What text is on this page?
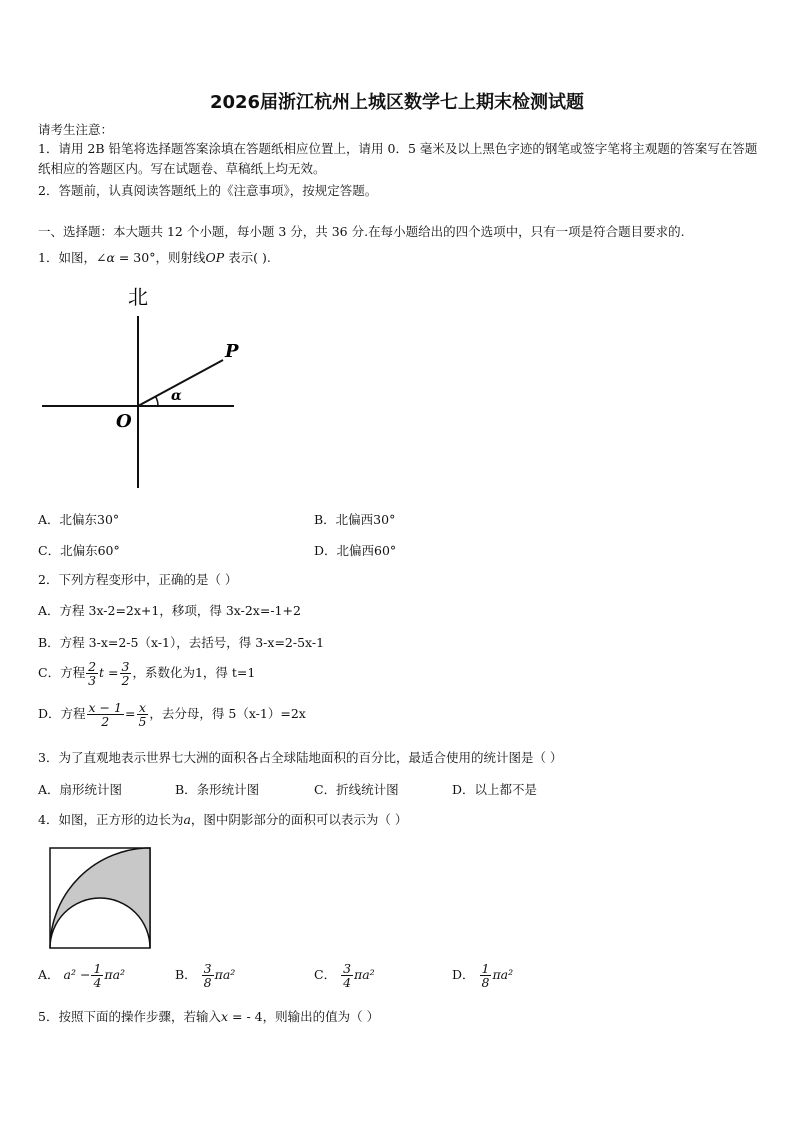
2026届浙江杭州上城区数学七上期末检测试题
请考生注意：
1．请用 2B 铅笔将选择题答案涂填在答题纸相应位置上，请用 0．5 毫米及以上黑色字迹的钢笔或签字笔将主观题的答案写在答题纸相应的答题区内。写在试题卷、草稿纸上均无效。
2．答题前，认真阅读答题纸上的《注意事项》，按规定答题。
一、选择题：本大题共 12 个小题，每小题 3 分，共 36 分.在每小题给出的四个选项中，只有一项是符合题目要求的.
1．如图，∠α = 30°，则射线OP 表示( ).
北
P
O
α
A．北偏东30°	B．北偏西30°
C．北偏东60°	D．北偏西60°
2．下列方程变形中，正确的是（ ）
A．方程 3x-2=2x+1，移项，得 3x-2x=-1+2
B．方程 3-x=2-5（x-1），去括号，得 3-x=2-5x-1
C．方程 $\frac{2}{3}$ $t = \frac{3}{2}$ ，系数化为1，得 t=1
D．方程 $\frac{x - 1}{2} = \frac{x}{5}$ ，去分母，得 5（x-1）=2x
3．为了直观地表示世界七大洲的面积各占全球陆地面积的百分比，最适合使用的统计图是（ ）
A．扇形统计图	B．条形统计图	C．折线统计图	D．以上都不是
4．如图，正方形的边长为a，图中阴影部分的面积可以表示为（ ）
A． $a^2 - \frac{1}{4} \pi a^2$	B． $\frac{3}{8} \pi a^2$	C． $\frac{3}{4} \pi a^2$	D． $\frac{1}{8} \pi a^2$
5．按照下面的操作步骤，若输入x = - 4，则输出的值为（ ）
